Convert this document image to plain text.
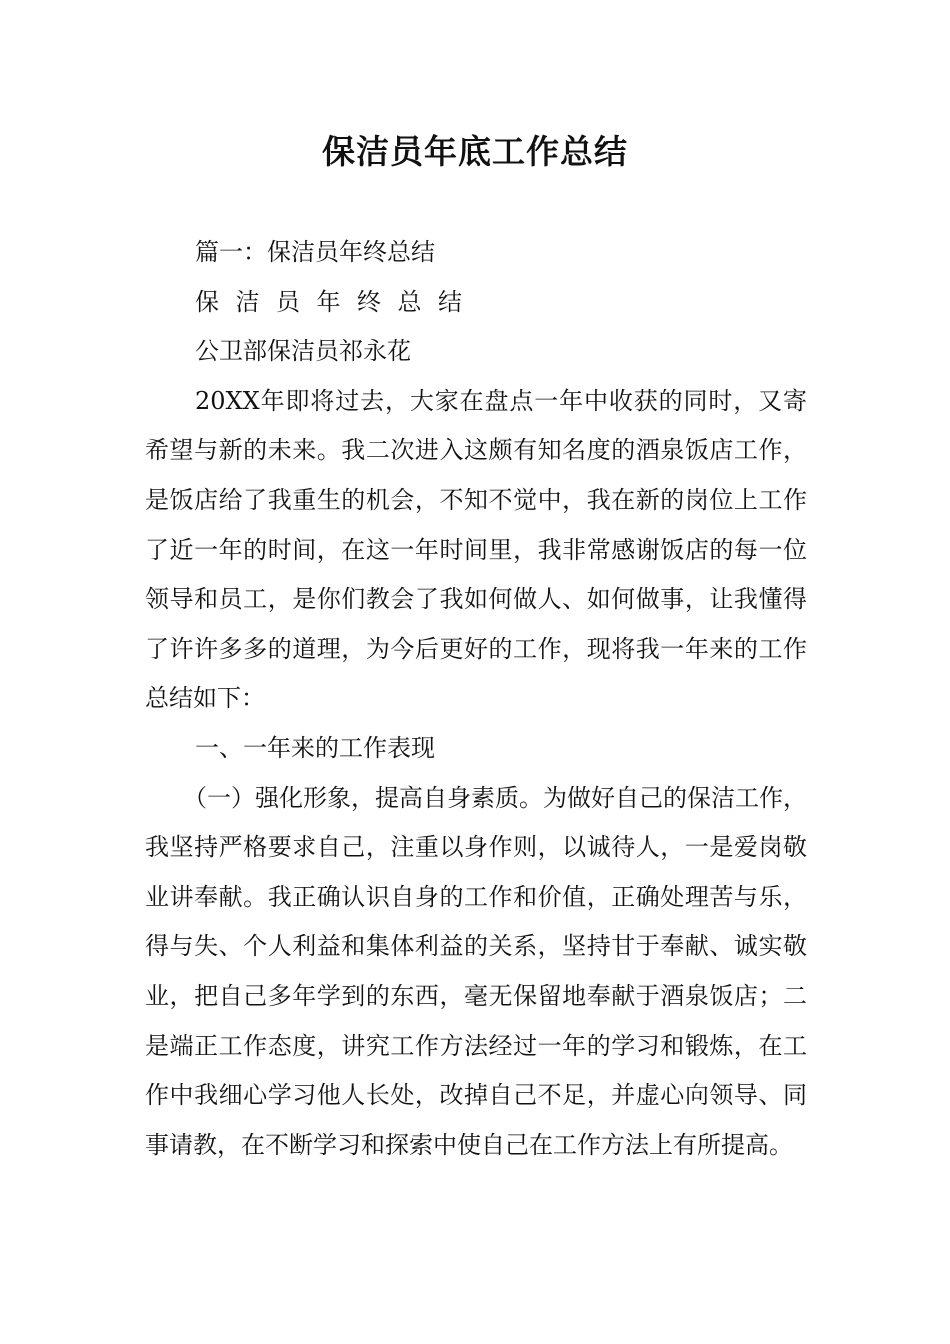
保洁员年底工作总结

篇一：保洁员年终总结

保洁员年终总结

公卫部保洁员祁永花

20XX年即将过去，大家在盘点一年中收获的同时，又寄希望与新的未来。我二次进入这颇有知名度的酒泉饭店工作，是饭店给了我重生的机会，不知不觉中，我在新的岗位上工作了近一年的时间，在这一年时间里，我非常感谢饭店的每一位领导和员工，是你们教会了我如何做人、如何做事，让我懂得了许许多多的道理，为今后更好的工作，现将我一年来的工作总结如下：

一、一年来的工作表现

（一）强化形象，提高自身素质。为做好自己的保洁工作，我坚持严格要求自己，注重以身作则，以诚待人，一是爱岗敬业讲奉献。我正确认识自身的工作和价值，正确处理苦与乐，得与失、个人利益和集体利益的关系，坚持甘于奉献、诚实敬业，把自己多年学到的东西，毫无保留地奉献于酒泉饭店；二是端正工作态度，讲究工作方法经过一年的学习和锻炼，在工作中我细心学习他人长处，改掉自己不足，并虚心向领导、同事请教，在不断学习和探索中使自己在工作方法上有所提高。
